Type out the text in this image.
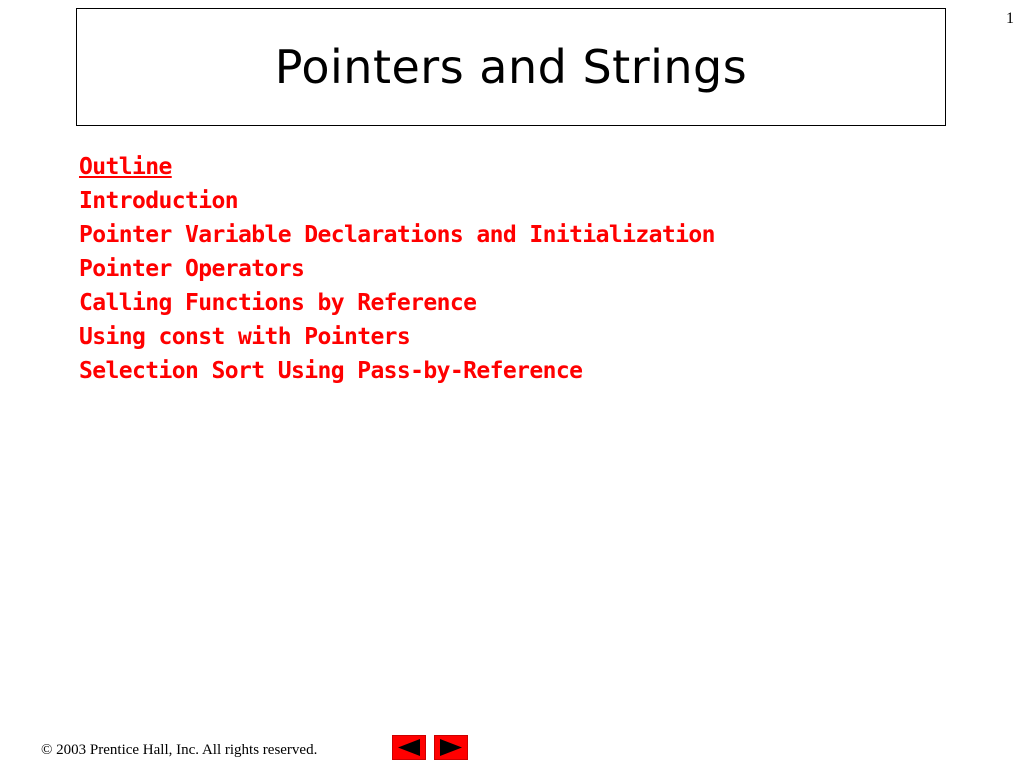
1
Pointers and Strings
Outline
Introduction
Pointer Variable Declarations and Initialization
Pointer Operators
Calling Functions by Reference
Using const with Pointers
Selection Sort Using Pass-by-Reference
© 2003 Prentice Hall, Inc. All rights reserved.
